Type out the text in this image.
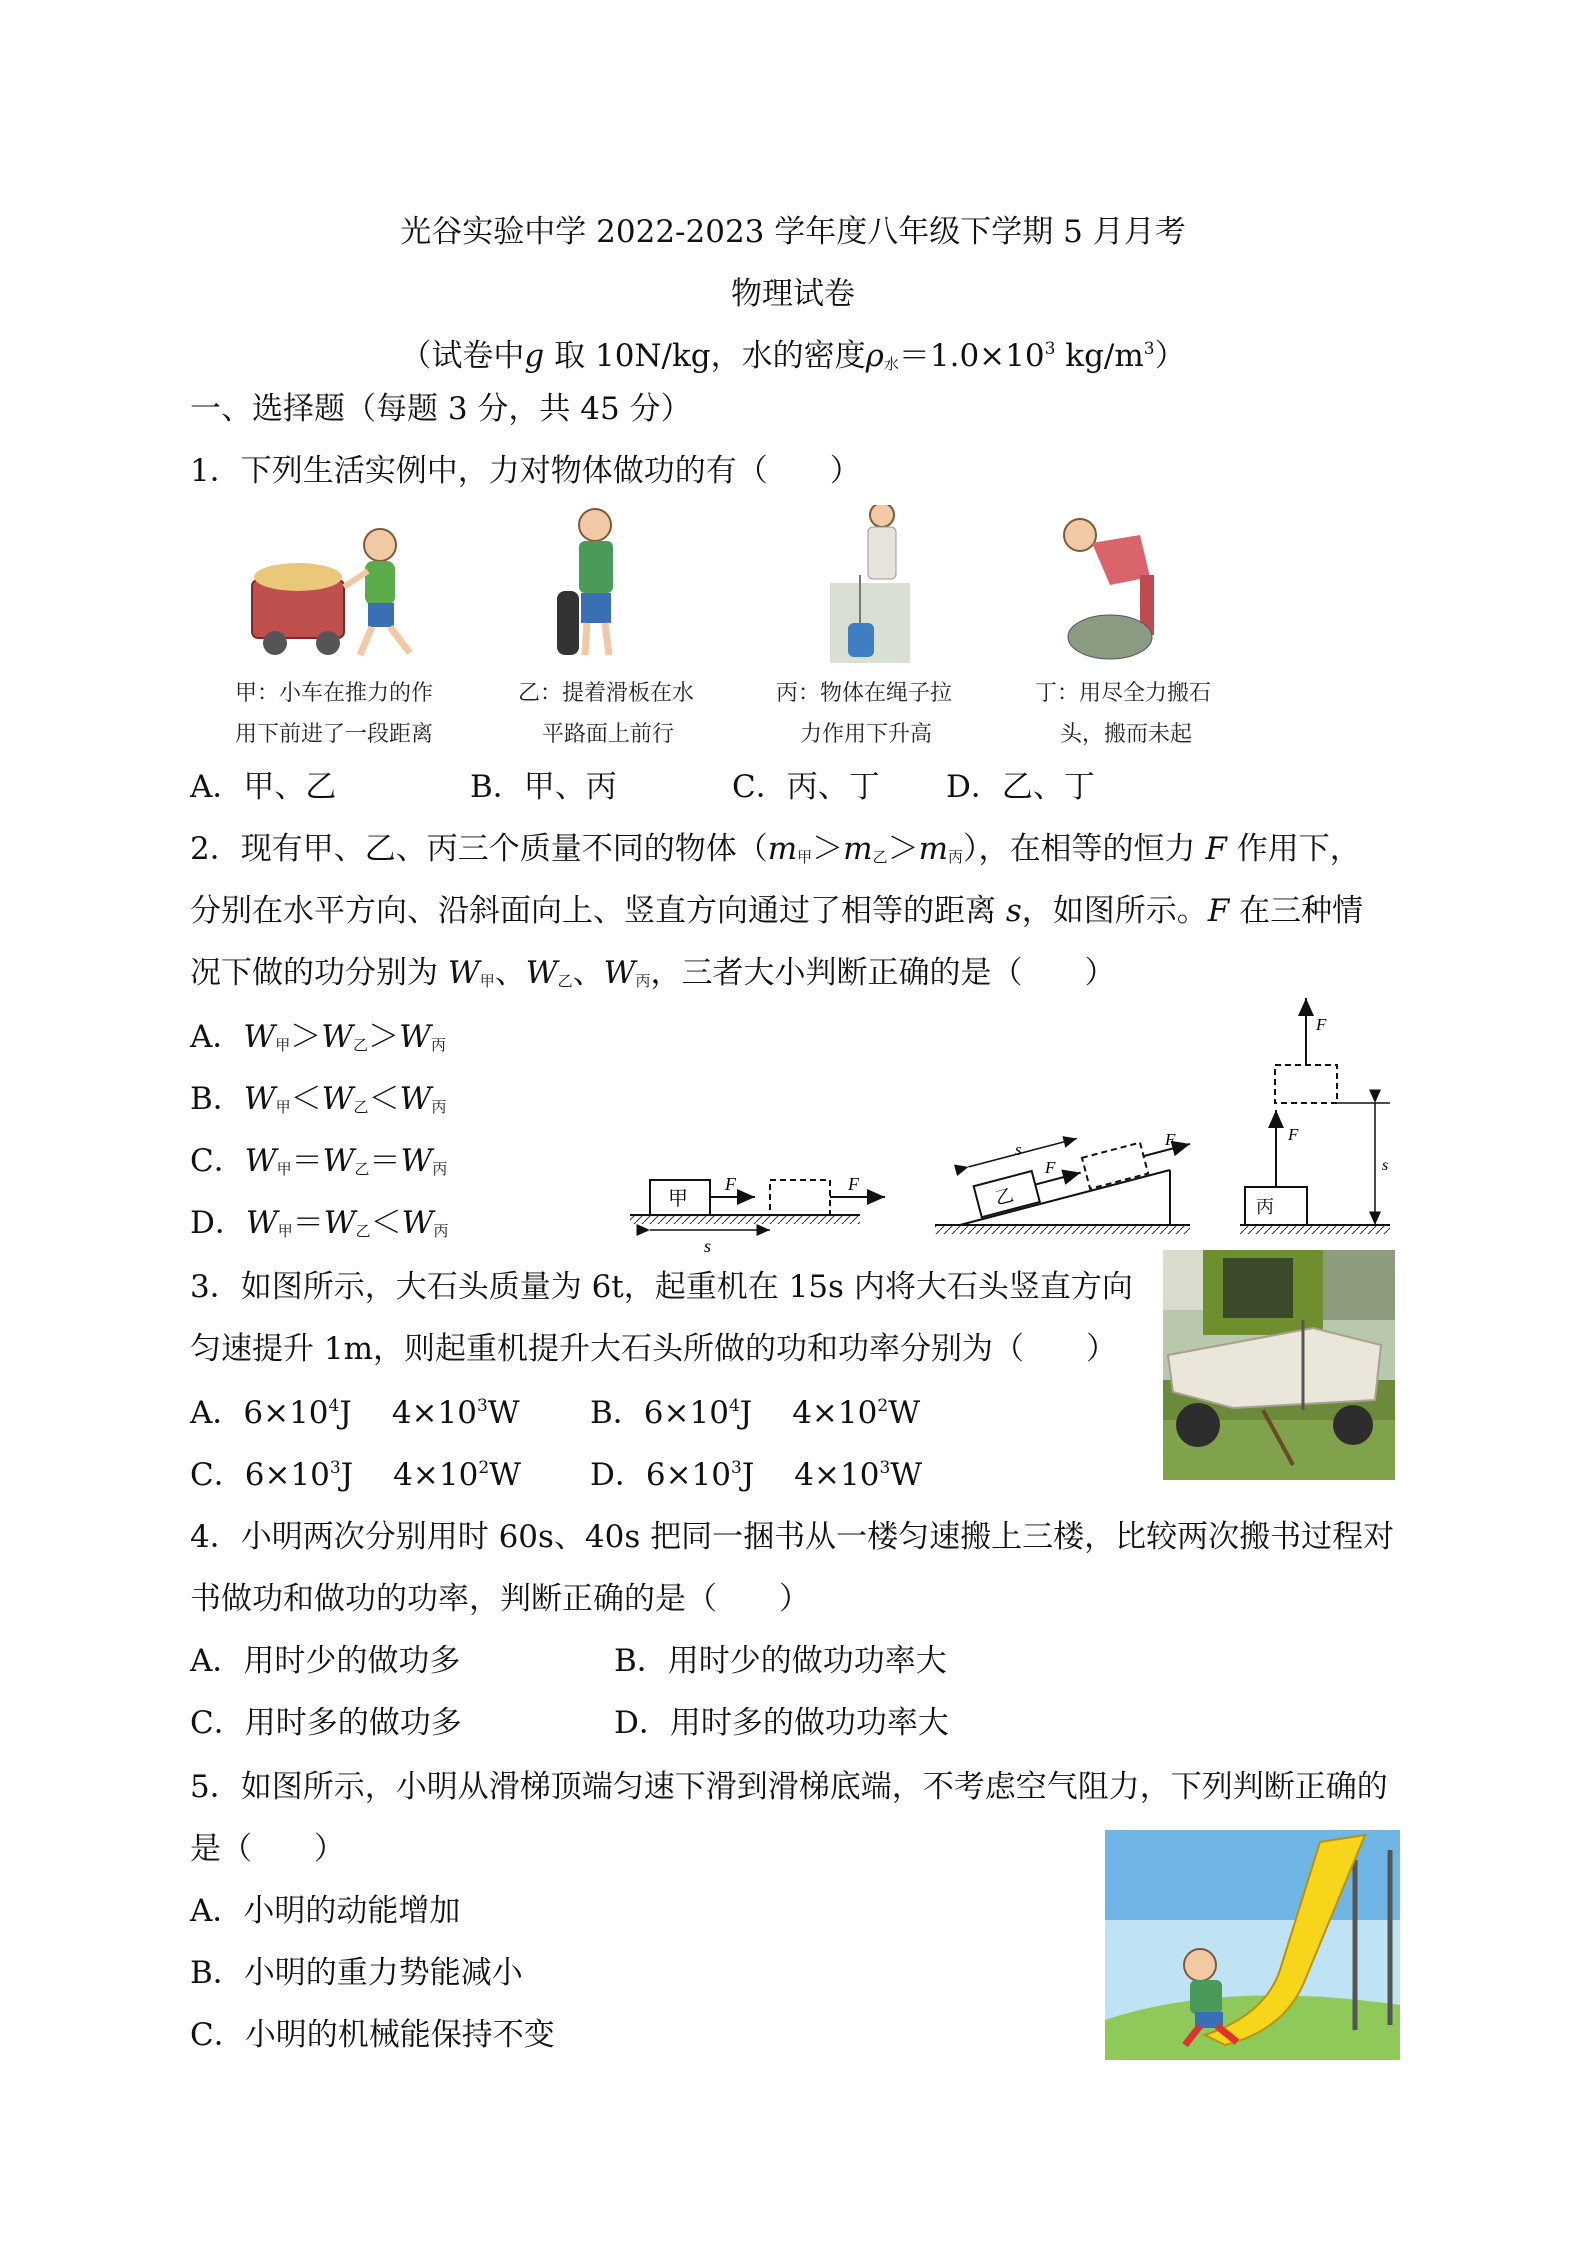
光谷实验中学 2022-2023 学年度八年级下学期 5 月月考
物理试卷
（试卷中g 取 10N/kg，水的密度$\rho_水=1.0\times 10^3$ $kg/m^3$）
一、选择题（每题 3 分，共 45 分）
1．下列生活实例中，力对物体做功的有（　　）
甲：小车在推力的作
用下前进了一段距离
乙：提着滑板在水
平路面上前行
丙：物体在绳子拉
力作用下升高
丁：用尽全力搬石
头，搬而未起
A．甲、乙	B．甲、丙	C．丙、丁 D．乙、丁
2．现有甲、乙、丙三个质量不同的物体$(m_甲>m_乙>m_丙)$，在相等的恒力 F 作用下，
分别在水平方向、沿斜面向上、竖直方向通过了相等的距离 s，如图所示。F 在三种情
况下做的功分别为 $W_甲$、$W_乙$、$W_丙$，三者大小判断正确的是（　　）
A．$W_甲>W_乙>W_丙$
B．$W_甲<W_乙<W_丙$
C．$W_甲=W_乙=W_丙$
D．$W_甲=W_乙<W_丙$
甲
F	F
s
乙
F
F
s
丙
F
F
s
3．如图所示，大石头质量为 6t，起重机在 15s 内将大石头竖直方向
匀速提升 1m，则起重机提升大石头所做的功和功率分别为（　　）
A．$6\times 10^4J$ $4\times 10^3W$ B．$6\times 10^4J$ $4\times 10^2W$
C．$6\times 10^3J$ $4\times 10^2W$ D．$6\times 10^3J$ $4\times 10^3W$
4．小明两次分别用时 60s、40s 把同一捆书从一楼匀速搬上三楼，比较两次搬书过程对
书做功和做功的功率，判断正确的是（　　）
A．用时少的做功多	B．用时少的做功功率大
C．用时多的做功多	D．用时多的做功功率大
5．如图所示，小明从滑梯顶端匀速下滑到滑梯底端，不考虑空气阻力，下列判断正确的
是（　　）
A．小明的动能增加
B．小明的重力势能减小
C．小明的机械能保持不变
